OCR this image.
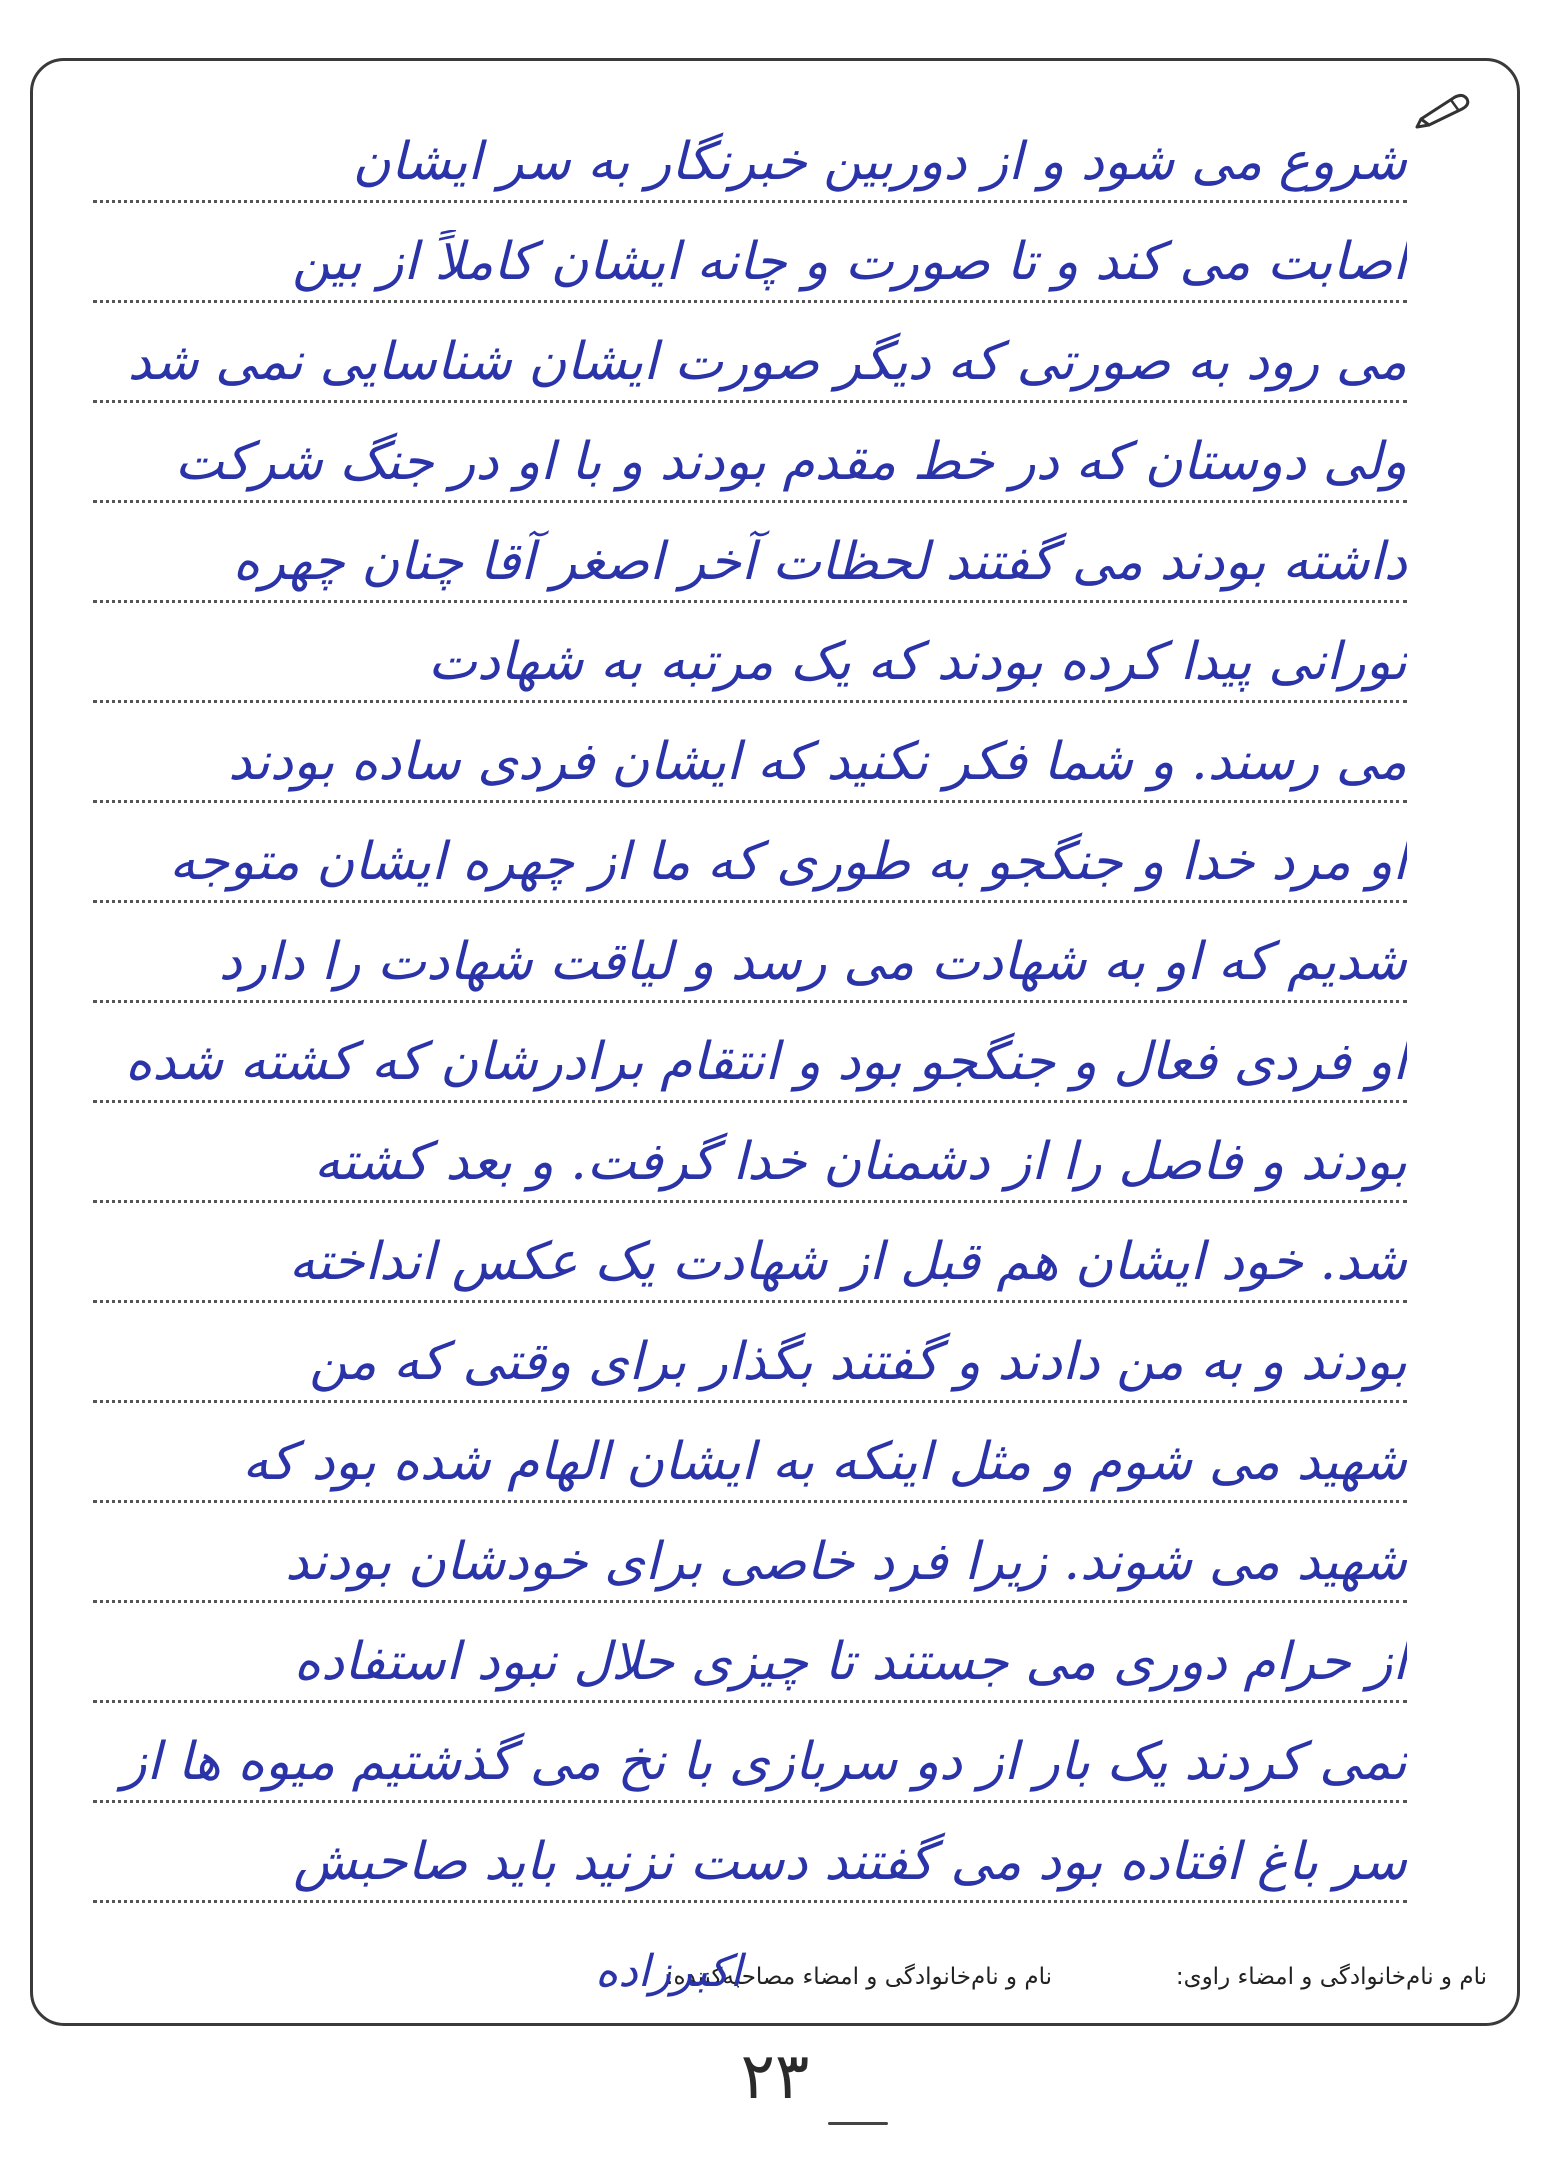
شروع می شود و از دوربین خبرنگار به سر ایشان
اصابت می کند و تا صورت و چانه ایشان کاملاً از بین
می رود به صورتی که دیگر صورت ایشان شناسایی نمی شد
ولی دوستان که در خط مقدم بودند و با او در جنگ شرکت
داشته بودند می گفتند لحظات آخر اصغر آقا چنان چهره
نورانی پیدا کرده بودند که یک مرتبه به شهادت
می رسند. و شما فکر نکنید که ایشان فردی ساده بودند
او مرد خدا و جنگجو به طوری که ما از چهره ایشان متوجه
شدیم که او به شهادت می رسد و لیاقت شهادت را دارد
او فردی فعال و جنگجو بود و انتقام برادرشان که کشته شده
بودند و فاصل را از دشمنان خدا گرفت. و بعد کشته
شد. خود ایشان هم قبل از شهادت یک عکس انداخته
بودند و به من دادند و گفتند بگذار برای وقتی که من
شهید می شوم و مثل اینکه به ایشان الهام شده بود که
شهید می شوند. زیرا فرد خاصی برای خودشان بودند
از حرام دوری می جستند تا چیزی حلال نبود استفاده
نمی کردند یک بار از دو سربازی با نخ می گذشتیم میوه ها از
سر باغ افتاده بود می گفتند دست نزنید باید صاحبش
نام و نام‌خانوادگی و امضاء راوی:
نام و نام‌خانوادگی و امضاء مصاحبه‌کننده:
اکبرزاده
۲۳
